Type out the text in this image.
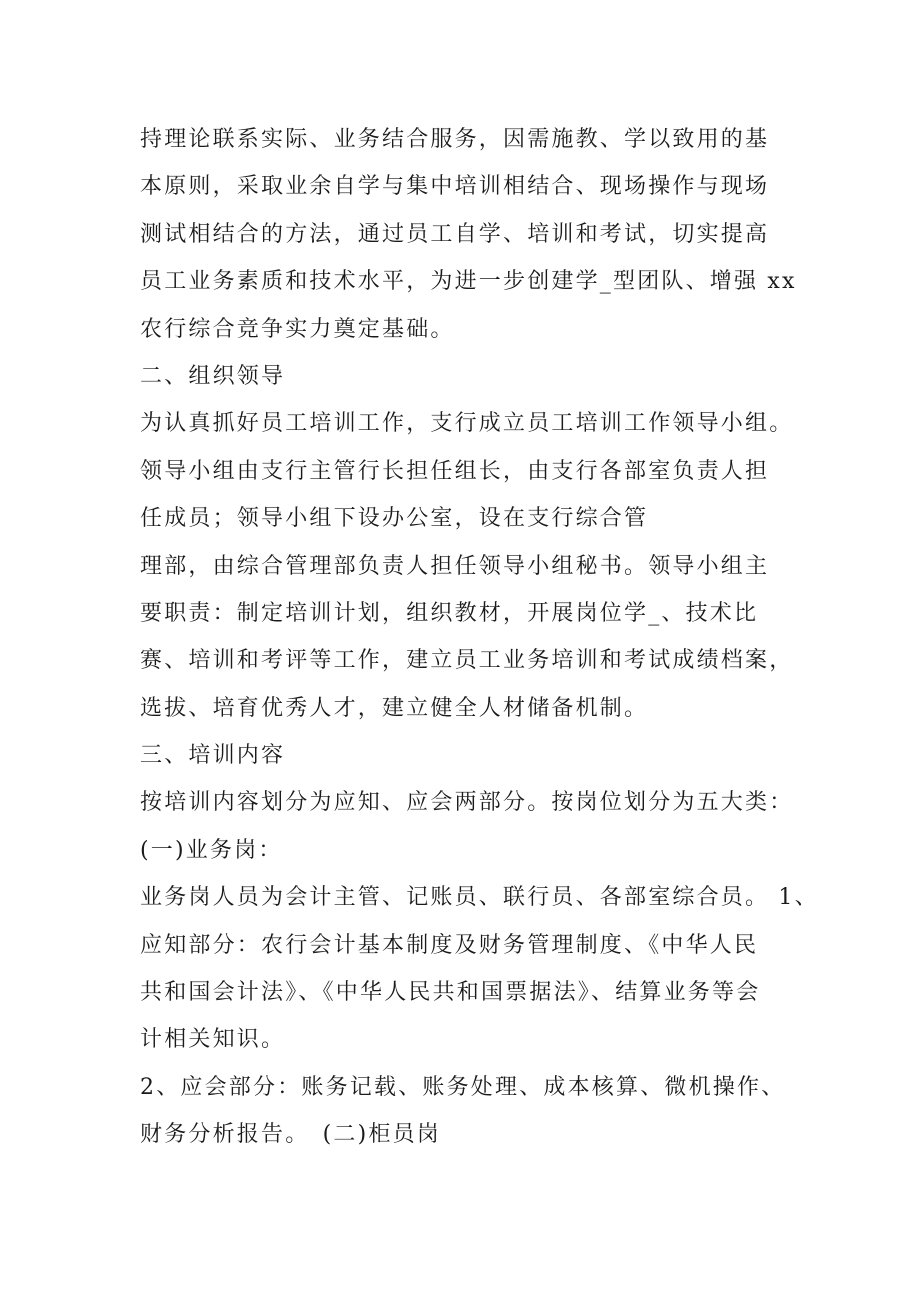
持理论联系实际、业务结合服务，因需施教、学以致用的基
本原则，采取业余自学与集中培训相结合、现场操作与现场
测试相结合的方法，通过员工自学、培训和考试，切实提高
员工业务素质和技术水平，为进一步创建学_型团队、增强 xx
农行综合竞争实力奠定基础。
二、组织领导
为认真抓好员工培训工作，支行成立员工培训工作领导小组。
领导小组由支行主管行长担任组长，由支行各部室负责人担
任成员；领导小组下设办公室，设在支行综合管
理部，由综合管理部负责人担任领导小组秘书。领导小组主
要职责：制定培训计划，组织教材，开展岗位学_、技术比
赛、培训和考评等工作，建立员工业务培训和考试成绩档案，
选拔、培育优秀人才，建立健全人材储备机制。
三、培训内容
按培训内容划分为应知、应会两部分。按岗位划分为五大类：
(一)业务岗：
业务岗人员为会计主管、记账员、联行员、各部室综合员。 1、
应知部分：农行会计基本制度及财务管理制度、《中华人民
共和国会计法》、《中华人民共和国票据法》、结算业务等会
计相关知识。
2、应会部分：账务记载、账务处理、成本核算、微机操作、
财务分析报告。　(二)柜员岗
